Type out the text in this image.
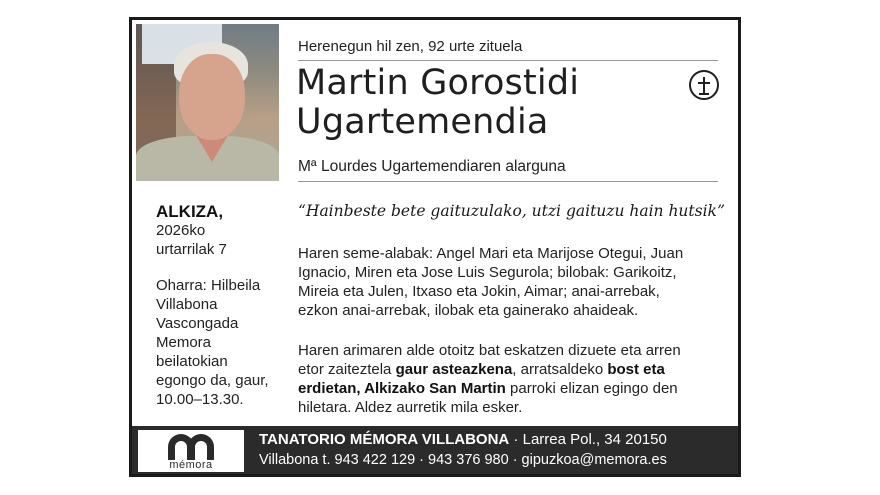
Herenegun hil zen, 92 urte zituela
Martin Gorostidi
Ugartemendia
Mª Lourdes Ugartemendiaren alarguna
ALKIZA,
2026ko
urtarrilak 7
Oharra: Hilbeila
Villabona
Vascongada
Memora
beilatokian
egongo da, gaur,
10.00–13.30.
“Hainbeste bete gaituzulako, utzi gaituzu hain hutsik”
Haren seme-alabak: Angel Mari eta Marijose Otegui, Juan
Ignacio, Miren eta Jose Luis Segurola; bilobak: Garikoitz,
Mireia eta Julen, Itxaso eta Jokin, Aimar; anai-arrebak,
ezkon anai-arrebak, ilobak eta gainerako ahaideak.
Haren arimaren alde otoitz bat eskatzen dizuete eta arren
etor zaiteztela gaur asteazkena, arratsaldeko bost eta
erdietan, Alkizako San Martin parroki elizan egingo den
hiletara. Aldez aurretik mila esker.
mémora
TANATORIO MÉMORA VILLABONA · Larrea Pol., 34 20150
Villabona t. 943 422 129 · 943 376 980 · gipuzkoa@memora.es
